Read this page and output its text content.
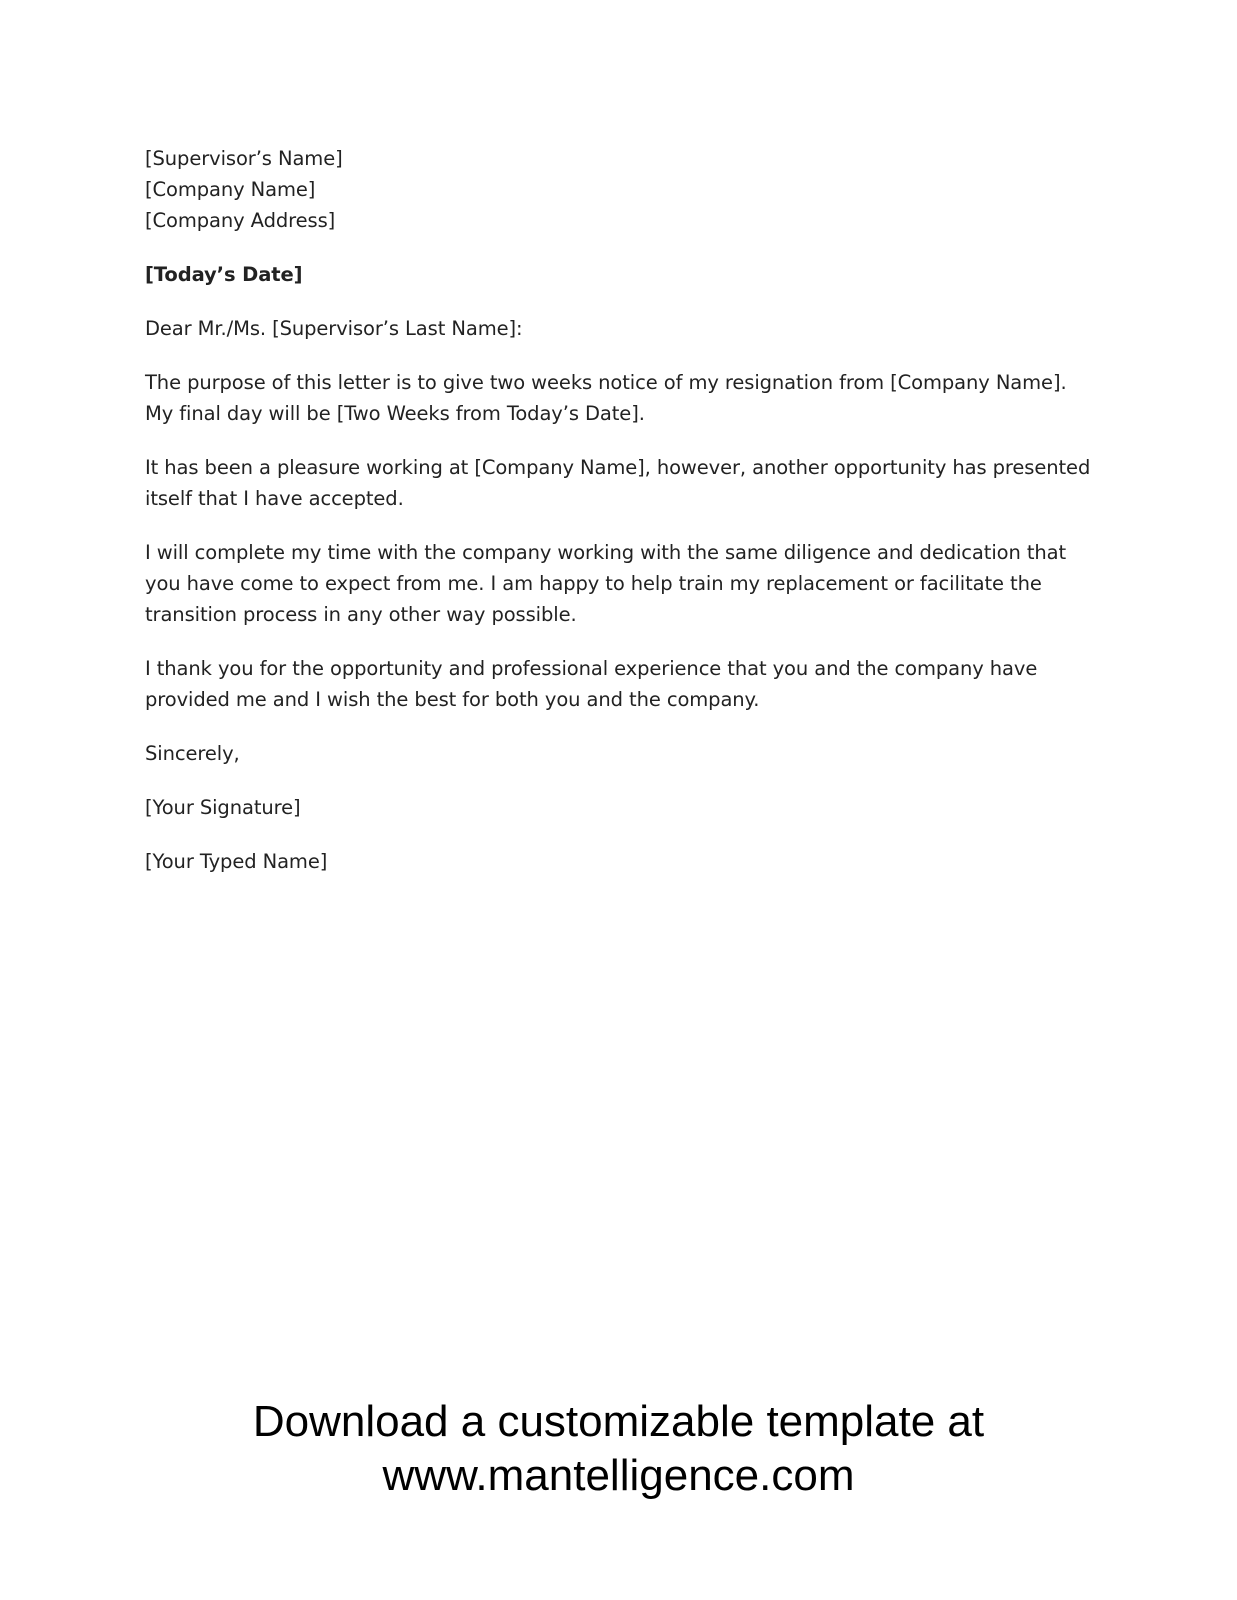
[Supervisor’s Name]
[Company Name]
[Company Address]

[Today’s Date]

Dear Mr./Ms. [Supervisor’s Last Name]:

The purpose of this letter is to give two weeks notice of my resignation from [Company Name]. My final day will be [Two Weeks from Today’s Date].

It has been a pleasure working at [Company Name], however, another opportunity has presented itself that I have accepted.

I will complete my time with the company working with the same diligence and dedication that you have come to expect from me. I am happy to help train my replacement or facilitate the transition process in any other way possible.

I thank you for the opportunity and professional experience that you and the company have provided me and I wish the best for both you and the company.

Sincerely,

[Your Signature]

[Your Typed Name]

Download a customizable template at
www.mantelligence.com
